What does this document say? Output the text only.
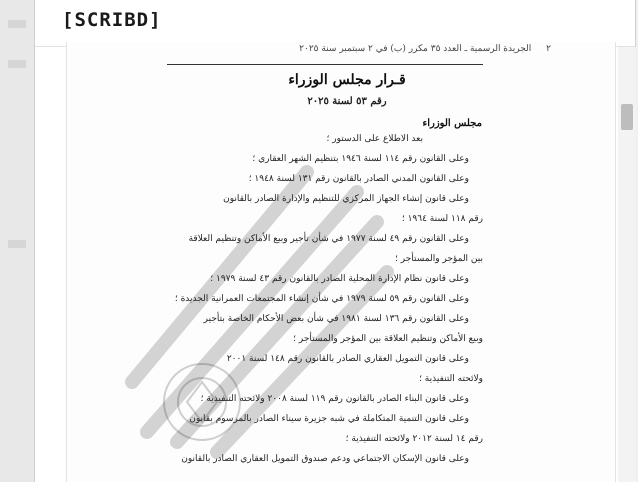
[SCRIBD]
٢ الجريدة الرسمية ـ العدد ٣٥ مكرر (ب) في ٢ سبتمبر سنة ٢٠٢٥
قـرار مجلس الوزراء
رقم ٥٣ لسنة ٢٠٢٥
مجلس الوزراء
بعد الاطلاع على الدستور ؛
وعلى القانون رقم ١١٤ لسنة ١٩٤٦ بتنظيم الشهر العقاري ؛
وعلى القانون المدني الصادر بالقانون رقم ١٣١ لسنة ١٩٤٨ ؛
وعلى قانون إنشاء الجهاز المركزي للتنظيم والإدارة الصادر بالقانون
رقم ١١٨ لسنة ١٩٦٤ ؛
وعلى القانون رقم ٤٩ لسنة ١٩٧٧ في شأن تأجير وبيع الأماكن وتنظيم العلاقة
بين المؤجر والمستأجر ؛
وعلى قانون نظام الإدارة المحلية الصادر بالقانون رقم ٤٣ لسنة ١٩٧٩ ؛
وعلى القانون رقم ٥٩ لسنة ١٩٧٩ في شأن إنشاء المجتمعات العمرانية الجديدة ؛
وعلى القانون رقم ١٣٦ لسنة ١٩٨١ في شأن بعض الأحكام الخاصة بتأجير
وبيع الأماكن وتنظيم العلاقة بين المؤجر والمستأجر ؛
وعلى قانون التمويل العقاري الصادر بالقانون رقم ١٤٨ لسنة ٢٠٠١
ولائحته التنفيذية ؛
وعلى قانون البناء الصادر بالقانون رقم ١١٩ لسنة ٢٠٠٨ ولائحته التنفيذية ؛
وعلى قانون التنمية المتكاملة في شبه جزيرة سيناء الصادر بالمرسوم بقانون
رقم ١٤ لسنة ٢٠١٢ ولائحته التنفيذية ؛
وعلى قانون الإسكان الاجتماعي ودعم صندوق التمويل العقاري الصادر بالقانون
